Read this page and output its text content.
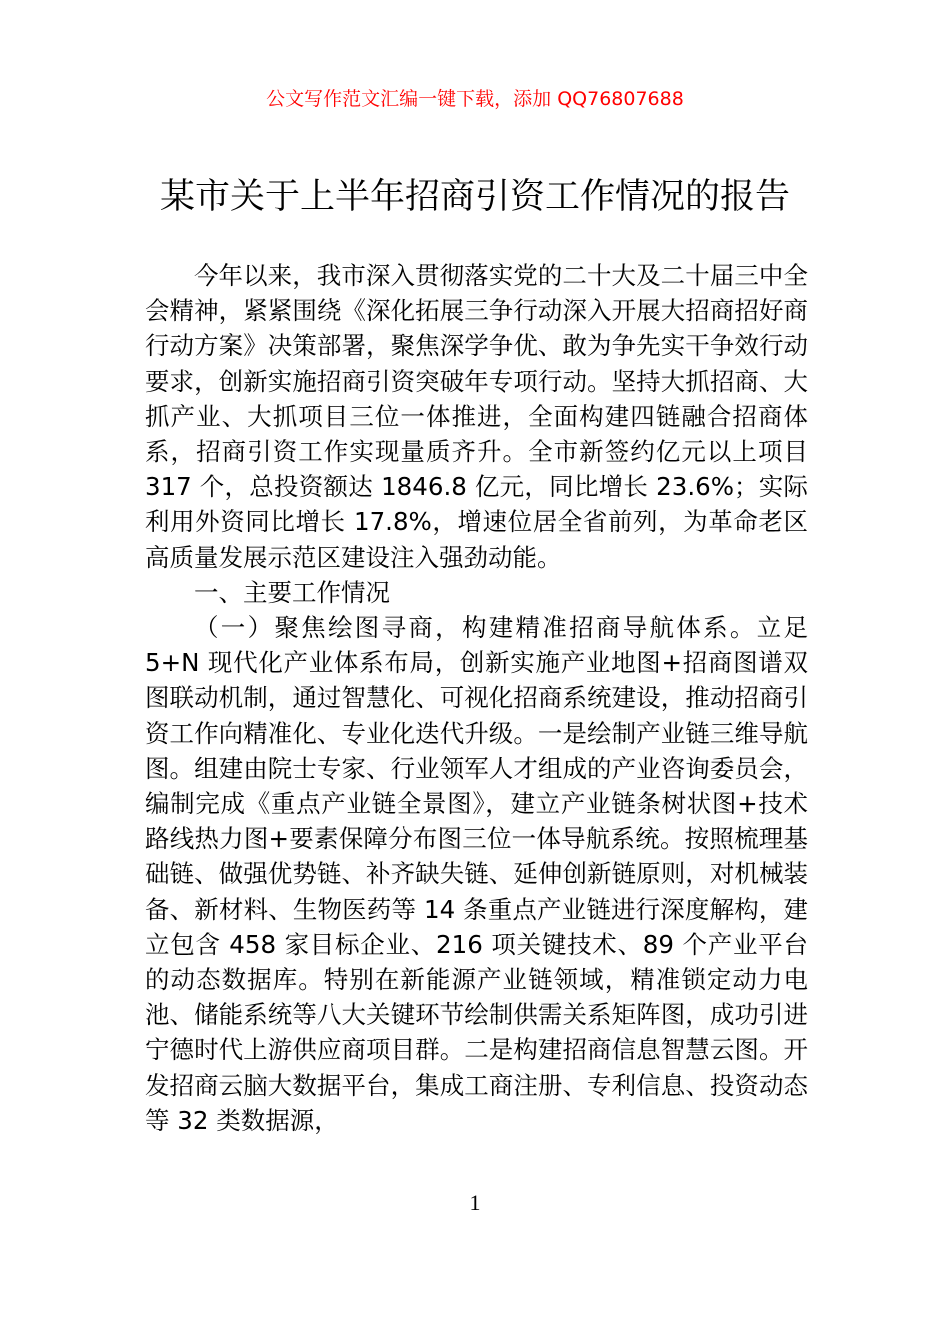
公文写作范文汇编一键下载，添加 QQ76807688
某市关于上半年招商引资工作情况的报告

今年以来，我市深入贯彻落实党的二十大及二十届三中全会精神，紧紧围绕《深化拓展三争行动深入开展大招商招好商行动方案》决策部署，聚焦深学争优、敢为争先实干争效行动要求，创新实施招商引资突破年专项行动。坚持大抓招商、大抓产业、大抓项目三位一体推进，全面构建四链融合招商体系，招商引资工作实现量质齐升。全市新签约亿元以上项目 317 个，总投资额达 1846.8 亿元，同比增长 23.6%；实际利用外资同比增长 17.8%，增速位居全省前列，为革命老区高质量发展示范区建设注入强劲动能。

一、主要工作情况

（一）聚焦绘图寻商，构建精准招商导航体系。立足 5+N 现代化产业体系布局，创新实施产业地图+招商图谱双图联动机制，通过智慧化、可视化招商系统建设，推动招商引资工作向精准化、专业化迭代升级。一是绘制产业链三维导航图。组建由院士专家、行业领军人才组成的产业咨询委员会，编制完成《重点产业链全景图》，建立产业链条树状图+技术路线热力图+要素保障分布图三位一体导航系统。按照梳理基础链、做强优势链、补齐缺失链、延伸创新链原则，对机械装备、新材料、生物医药等 14 条重点产业链进行深度解构，建立包含 458 家目标企业、216 项关键技术、89 个产业平台的动态数据库。特别在新能源产业链领域，精准锁定动力电池、储能系统等八大关键环节绘制供需关系矩阵图，成功引进宁德时代上游供应商项目群。二是构建招商信息智慧云图。开发招商云脑大数据平台，集成工商注册、专利信息、投资动态等 32 类数据源，

1
